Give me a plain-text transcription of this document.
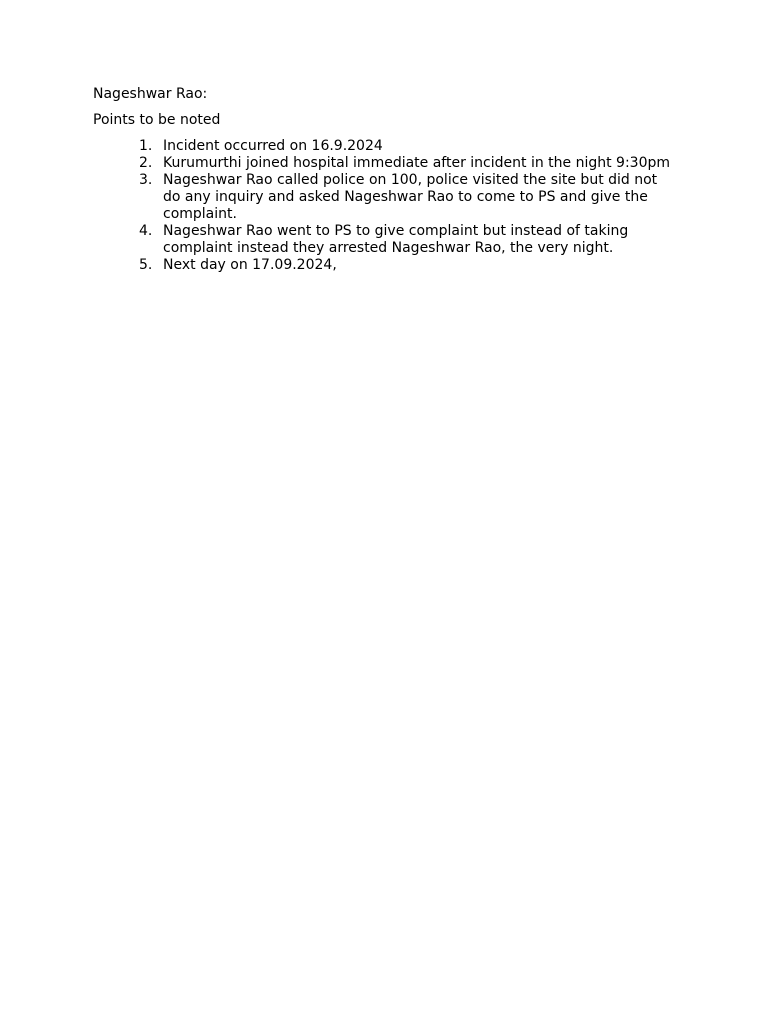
Nageshwar Rao:

Points to be noted

1. Incident occurred on 16.9.2024
2. Kurumurthi joined hospital immediate after incident in the night 9:30pm
3. Nageshwar Rao called police on 100, police visited the site but did not do any inquiry and asked Nageshwar Rao to come to PS and give the complaint.
4. Nageshwar Rao went to PS to give complaint but instead of taking complaint instead they arrested Nageshwar Rao, the very night.
5. Next day on 17.09.2024,
